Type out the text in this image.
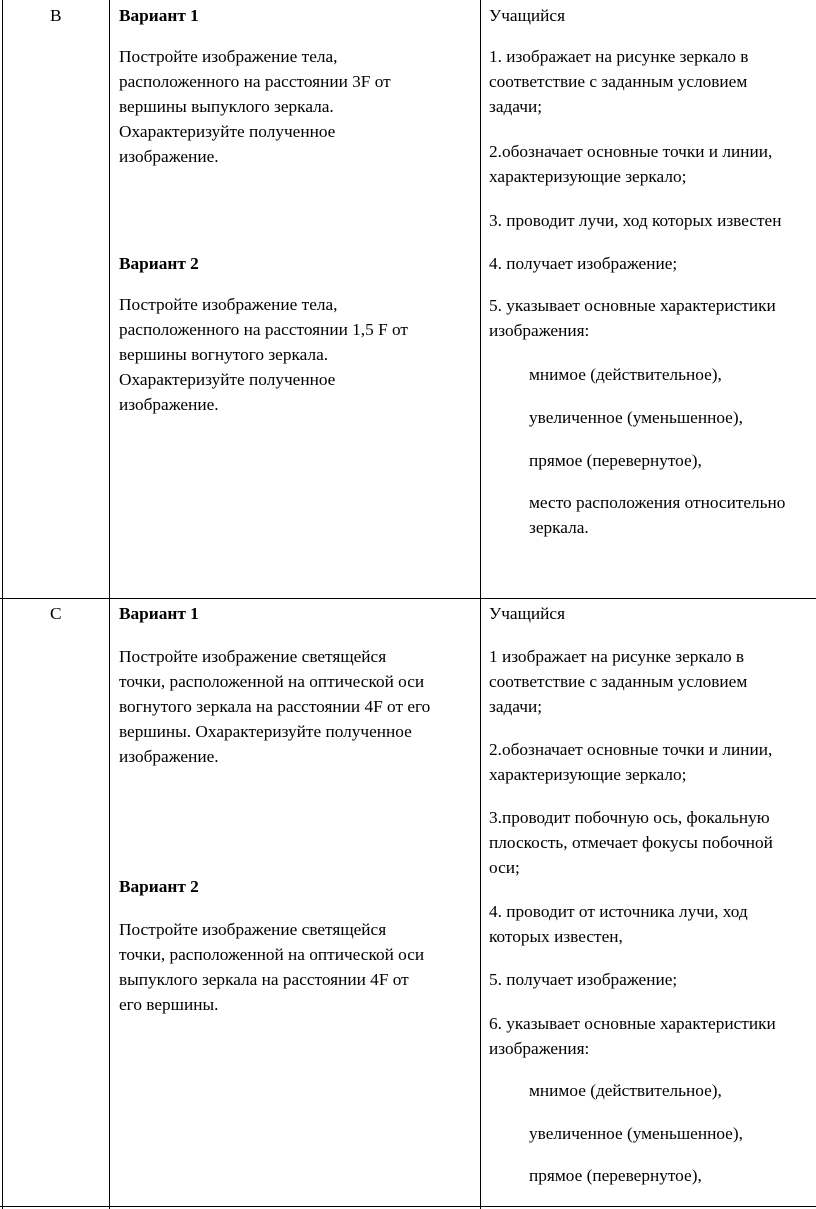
B	Вариант 1
Постройте изображение тела,
расположенного на расстоянии 3F от
вершины выпуклого зеркала.
Охарактеризуйте полученное
изображение.
Вариант 2
Постройте изображение тела,
расположенного на расстоянии 1,5 F от
вершины вогнутого зеркала.
Охарактеризуйте полученное
изображение.
Учащийся
1. изображает на рисунке зеркало в
соответствие с заданным условием
задачи;
2.обозначает основные точки и линии,
характеризующие зеркало;
3. проводит лучи, ход которых известен
4. получает изображение;
5. указывает основные характеристики
изображения:
мнимое (действительное),
увеличенное (уменьшенное),
прямое (перевернутое),
место расположения относительно
зеркала.
C	Вариант 1
Постройте изображение светящейся
точки, расположенной на оптической оси
вогнутого зеркала на расстоянии 4F от его
вершины. Охарактеризуйте полученное
изображение.
Вариант 2
Постройте изображение светящейся
точки, расположенной на оптической оси
выпуклого зеркала на расстоянии 4F от
его вершины.
Учащийся
1 изображает на рисунке зеркало в
соответствие с заданным условием
задачи;
2.обозначает основные точки и линии,
характеризующие зеркало;
3.проводит побочную ось, фокальную
плоскость, отмечает фокусы побочной
оси;
4. проводит от источника лучи, ход
которых известен,
5. получает изображение;
6. указывает основные характеристики
изображения:
мнимое (действительное),
увеличенное (уменьшенное),
прямое (перевернутое),
